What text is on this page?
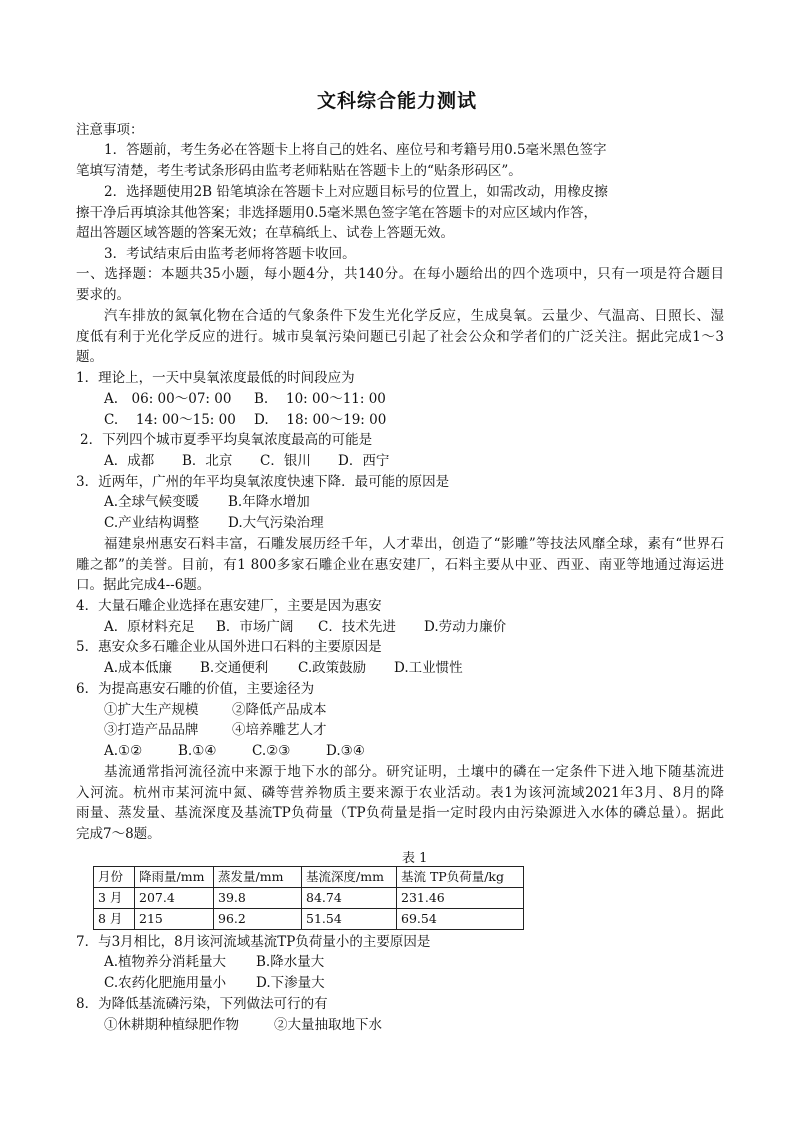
文科综合能力测试
注意事项：
1．答题前，考生务必在答题卡上将自己的姓名、座位号和考籍号用0.5毫米黑色签字
笔填写清楚，考生考试条形码由监考老师粘贴在答题卡上的“贴条形码区”。
2．选择题使用2B 铅笔填涂在答题卡上对应题目标号的位置上，如需改动，用橡皮擦
擦干净后再填涂其他答案；非选择题用0.5毫米黑色签字笔在答题卡的对应区域内作答，
超出答题区域答题的答案无效；在草稿纸上、试卷上答题无效。
3．考试结束后由监考老师将答题卡收回。
一、选择题：本题共35小题，每小题4分，共140分。在每小题给出的四个选项中，只有一项是符合题目
要求的。
汽车排放的氮氧化物在合适的气象条件下发生光化学反应，生成臭氧。云量少、气温高、日照长、湿
度低有利于光化学反应的进行。城市臭氧污染问题已引起了社会公众和学者们的广泛关注。据此完成1～3
题。
1．理论上，一天中臭氧浓度最低的时间段应为
A.　06: 00～07: 00 B.　 10: 00～11: 00
C.　 14: 00～15: 00 D.　 18: 00～19: 00
2．下列四个城市夏季平均臭氧浓度最高的可能是
A．成都 B．北京 C．银川 D．西宁
3．近两年，广州的年平均臭氧浓度快速下降．最可能的原因是
A.全球气候变暖 B.年降水增加
C.产业结构调整 D.大气污染治理
福建泉州惠安石料丰富，石雕发展历经千年，人才辈出，创造了“影雕”等技法风靡全球，素有“世界石
雕之都”的美誉。目前，有1 800多家石雕企业在惠安建厂，石料主要从中亚、西亚、南亚等地通过海运进
口。据此完成4--6题。
4．大量石雕企业选择在惠安建厂，主要是因为惠安
A．原材料充足 B．市场广阔 C．技术先进 D.劳动力廉价
5．惠安众多石雕企业从国外进口石料的主要原因是
A.成本低廉 B.交通便利 C.政策鼓励 D.工业惯性
6．为提高惠安石雕的价值，主要途径为
①扩大生产规模 ②降低产品成本
③打造产品品牌 ④培养雕艺人才
A.①②	B.①④	C.②③	D.③④
基流通常指河流径流中来源于地下水的部分。研究证明，土壤中的磷在一定条件下进入地下随基流进
入河流。杭州市某河流中氮、磷等营养物质主要来源于农业活动。表1为该河流域2021年3月、8月的降
雨量、蒸发量、基流深度及基流TP负荷量（TP负荷量是指一定时段内由污染源进入水体的磷总量）。据此
完成7～8题。
表 1
月份	降雨量/mm	蒸发量/mm	基流深度/mm	基流 TP负荷量/kg
3 月	207.4	39.8	84.74	231.46
8 月	215	96.2	51.54	69.54
7．与3月相比，8月该河流域基流TP负荷量小的主要原因是
A.植物养分消耗量大 B.降水量大
C.农药化肥施用量小 D.下渗量大
8．为降低基流磷污染，下列做法可行的有
①休耕期种植绿肥作物	②大量抽取地下水
